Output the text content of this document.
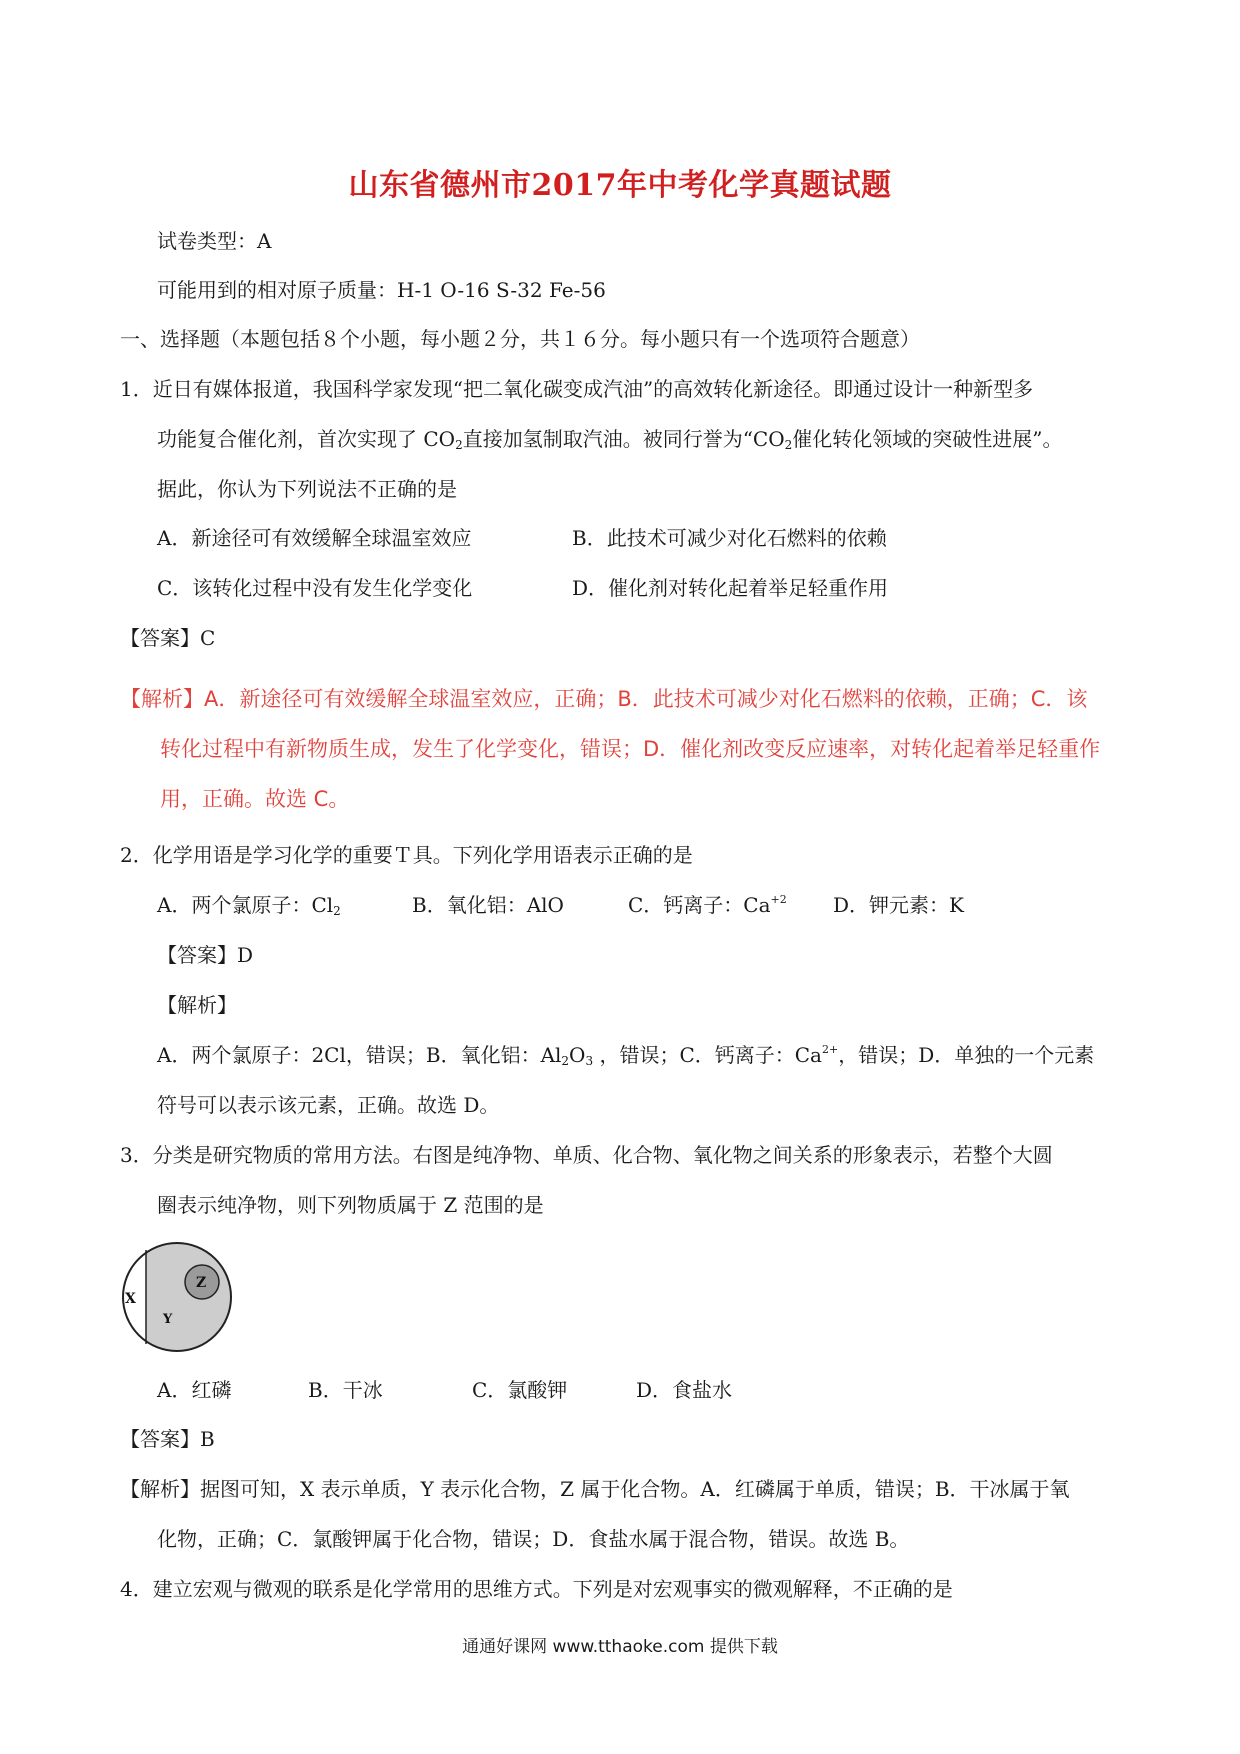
山东省德州市2017年中考化学真题试题
试卷类型：A
可能用到的相对原子质量：H-1 O-16 S-32 Fe-56
一、选择题（本题包括８个小题，每小题２分，共１６分。每小题只有一个选项符合题意）
1．近日有媒体报道，我国科学家发现“把二氧化碳变成汽油”的高效转化新途径。即通过设计一种新型多
功能复合催化剂，首次实现了 $CO_2$直接加氢制取汽油。被同行誉为“$CO_2$催化转化领域的突破性进展”。
据此，你认为下列说法不正确的是
A．新途径可有效缓解全球温室效应	B．此技术可减少对化石燃料的依赖
C．该转化过程中没有发生化学变化	D．催化剂对转化起着举足轻重作用
【答案】C
【解析】A．新途径可有效缓解全球温室效应，正确；B．此技术可减少对化石燃料的依赖，正确；C．该
转化过程中有新物质生成，发生了化学变化，错误；D．催化剂改变反应速率，对转化起着举足轻重作
用，正确。故选 C。
2．化学用语是学习化学的重要Ｔ具。下列化学用语表示正确的是
A．两个氯原子：$Cl_2$	B．氧化铝：AlO	C．钙离子：$Ca^{+2}$ D．钾元素：K
【答案】D
【解析】
A．两个氯原子：2Cl，错误；B．氧化铝：$Al_2O_3$ ，错误；C．钙离子：$Ca^{2+}$，错误；D．单独的一个元素
符号可以表示该元素，正确。故选 D。
3．分类是研究物质的常用方法。右图是纯净物、单质、化合物、氧化物之间关系的形象表示，若整个大圆
圈表示纯净物，则下列物质属于 Z 范围的是
X
Y
Z
A．红磷	B．干冰	C．氯酸钾	D．食盐水
【答案】B
【解析】据图可知，X 表示单质，Y 表示化合物，Z 属于化合物。A．红磷属于单质，错误；B．干冰属于氧
化物，正确；C．氯酸钾属于化合物，错误；D．食盐水属于混合物，错误。故选 B。
4．建立宏观与微观的联系是化学常用的思维方式。下列是对宏观事实的微观解释，不正确的是
通通好课网 www.tthaoke.com 提供下载
